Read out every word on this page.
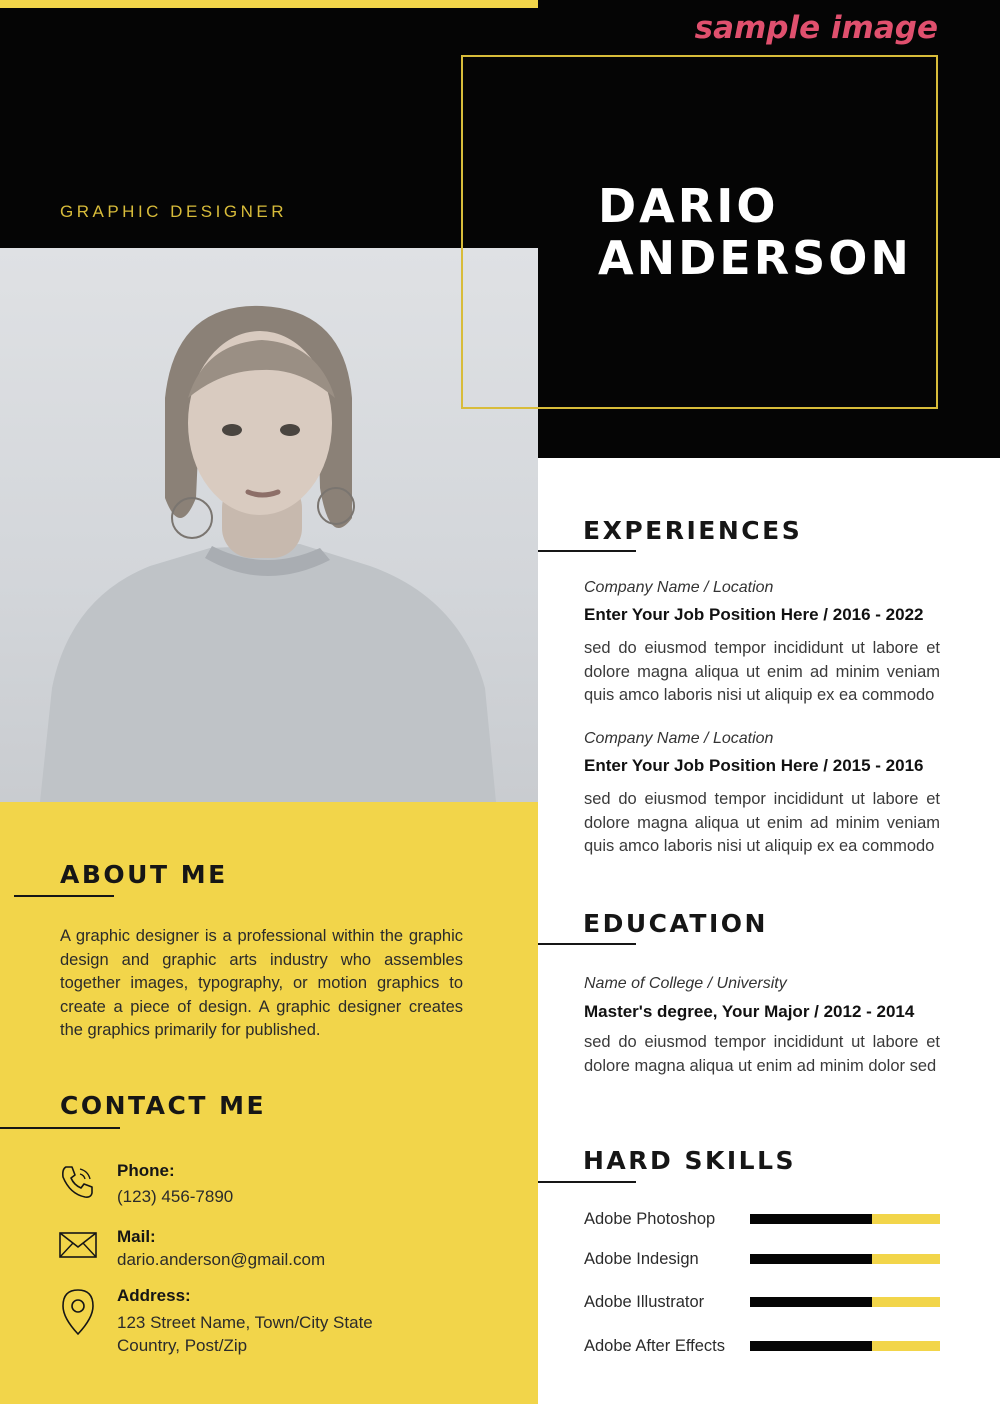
sample image
GRAPHIC DESIGNER	DARIO
ANDERSON
ABOUT ME
A graphic designer is a professional within the graphic design and graphic arts industry who assembles together images, typography, or motion graphics to create a piece of design. A graphic designer creates the graphics primarily for published.
CONTACT ME
Phone:
(123) 456-7890
Mail:
dario.anderson@gmail.com
Address:
123 Street Name, Town/City State
Country, Post/Zip
EXPERIENCES
Company Name / Location
Enter Your Job Position Here / 2016 - 2022
sed do eiusmod tempor incididunt ut labore et dolore magna aliqua ut enim ad minim veniam quis amco laboris nisi ut aliquip ex ea commodo
Company Name / Location
Enter Your Job Position Here / 2015 - 2016
sed do eiusmod tempor incididunt ut labore et dolore magna aliqua ut enim ad minim veniam quis amco laboris nisi ut aliquip ex ea commodo
EDUCATION
Name of College / University
Master's degree, Your Major / 2012 - 2014
sed do eiusmod tempor incididunt ut labore et dolore magna aliqua ut enim ad minim dolor sed
HARD SKILLS
Adobe Photoshop
Adobe Indesign
Adobe Illustrator
Adobe After Effects
